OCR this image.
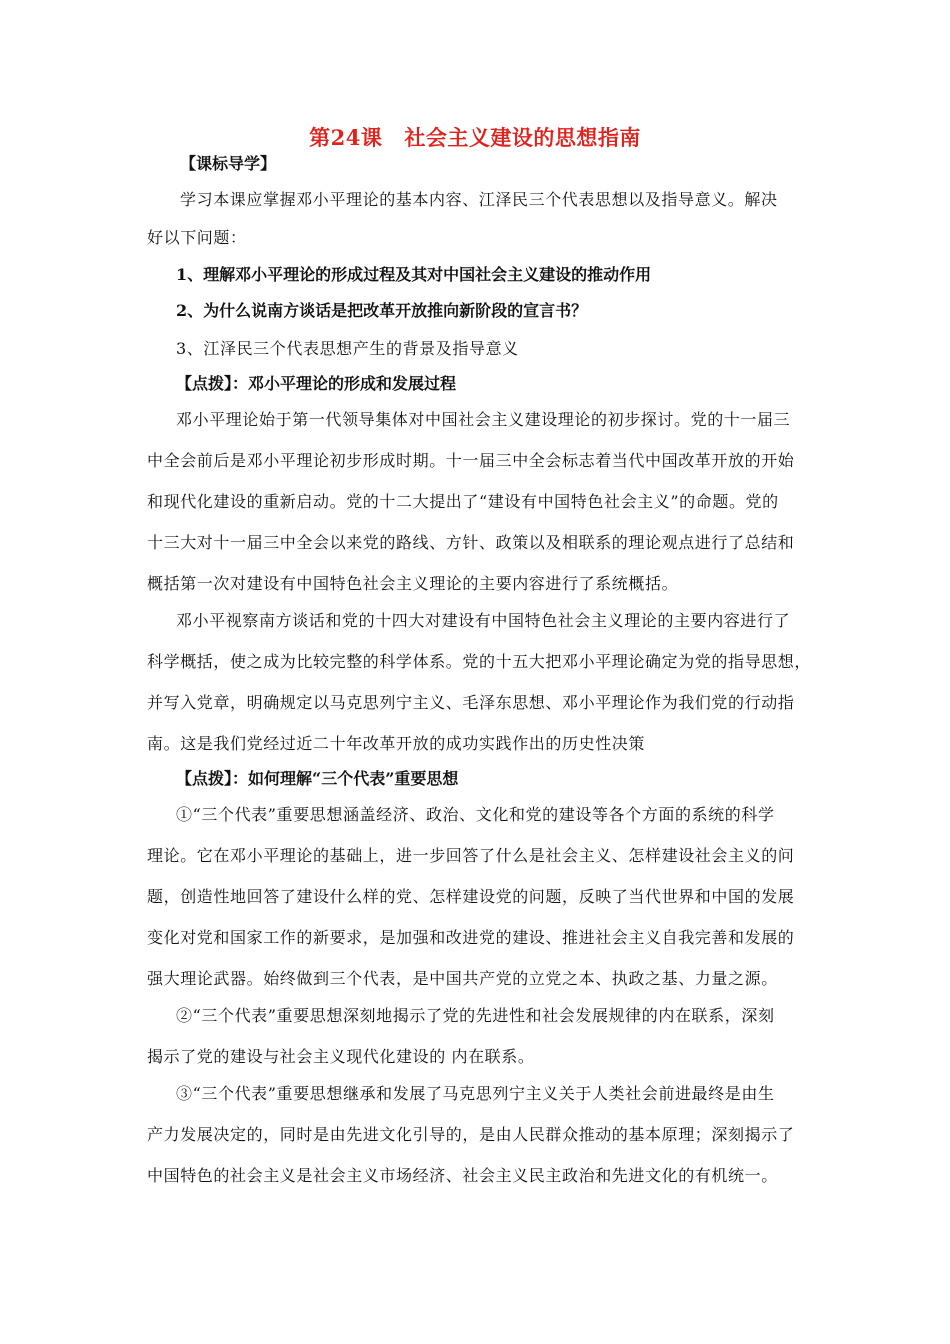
第24课 社会主义建设的思想指南
【课标导学】
学习本课应掌握邓小平理论的基本内容、江泽民三个代表思想以及指导意义。解决
好以下问题：
1、理解邓小平理论的形成过程及其对中国社会主义建设的推动作用
2、为什么说南方谈话是把改革开放推向新阶段的宣言书？
3、江泽民三个代表思想产生的背景及指导意义
【点拨】：邓小平理论的形成和发展过程
邓小平理论始于第一代领导集体对中国社会主义建设理论的初步探讨。党的十一届三
中全会前后是邓小平理论初步形成时期。十一届三中全会标志着当代中国改革开放的开始
和现代化建设的重新启动。党的十二大提出了“建设有中国特色社会主义”的命题。党的
十三大对十一届三中全会以来党的路线、方针、政策以及相联系的理论观点进行了总结和
概括第一次对建设有中国特色社会主义理论的主要内容进行了系统概括。
邓小平视察南方谈话和党的十四大对建设有中国特色社会主义理论的主要内容进行了
科学概括，使之成为比较完整的科学体系。党的十五大把邓小平理论确定为党的指导思想，
并写入党章，明确规定以马克思列宁主义、毛泽东思想、邓小平理论作为我们党的行动指
南。这是我们党经过近二十年改革开放的成功实践作出的历史性决策
【点拨】：如何理解“三个代表”重要思想
①“三个代表”重要思想涵盖经济、政治、文化和党的建设等各个方面的系统的科学
理论。它在邓小平理论的基础上，进一步回答了什么是社会主义、怎样建设社会主义的问
题，创造性地回答了建设什么样的党、怎样建设党的问题，反映了当代世界和中国的发展
变化对党和国家工作的新要求，是加强和改进党的建设、推进社会主义自我完善和发展的
强大理论武器。始终做到三个代表，是中国共产党的立党之本、执政之基、力量之源。
②“三个代表”重要思想深刻地揭示了党的先进性和社会发展规律的内在联系，深刻
揭示了党的建设与社会主义现代化建设的 内在联系。
③“三个代表”重要思想继承和发展了马克思列宁主义关于人类社会前进最终是由生
产力发展决定的，同时是由先进文化引导的，是由人民群众推动的基本原理；深刻揭示了
中国特色的社会主义是社会主义市场经济、社会主义民主政治和先进文化的有机统一。
